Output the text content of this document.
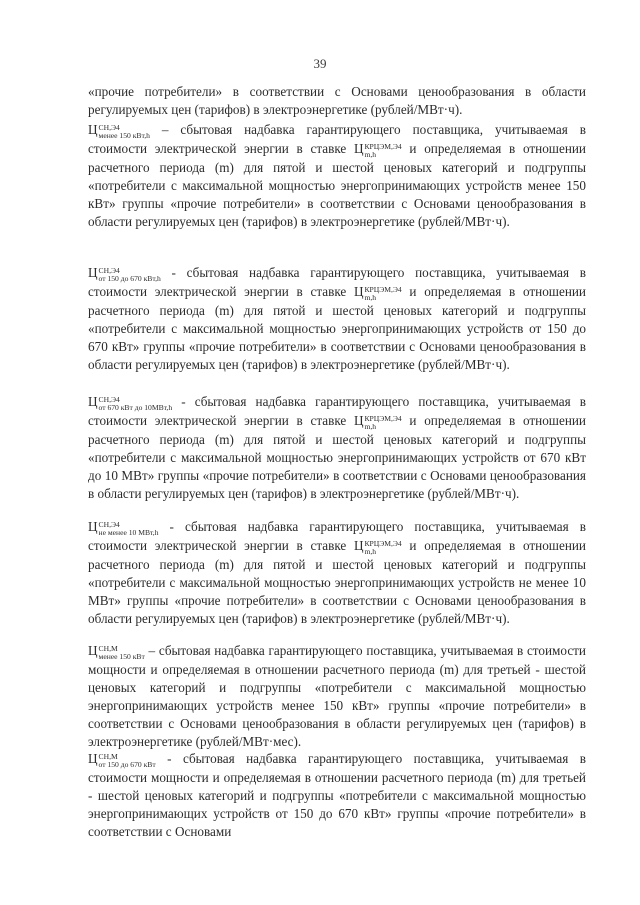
39

«прочие потребители» в соответствии с Основами ценообразования в области регулируемых цен (тарифов) в электроэнергетике (рублей/МВт·ч).

Ц СН,Э4
менее 150 кВт,h – сбытовая надбавка гарантирующего поставщика, учитываемая в стоимости электрической энергии в ставке Ц КРЦЭМ,Э4
m,h	и определяемая в отношении расчетного периода (m) для пятой и шестой ценовых категорий и подгруппы «потребители с максимальной мощностью энергопринимающих устройств менее 150 кВт» группы «прочие потребители» в соответствии с Основами ценообразования в области регулируемых цен (тарифов) в электроэнергетике (рублей/МВт·ч).

Ц СН,Э4
от 150 до 670 кВт,h - сбытовая надбавка гарантирующего поставщика, учитываемая в стоимости электрической энергии в ставке Ц КРЦЭМ,Э4
m,h	и определяемая в отношении расчетного периода (m) для пятой и шестой ценовых категорий и подгруппы «потребители с максимальной мощностью энергопринимающих устройств от 150 до 670 кВт» группы «прочие потребители» в соответствии с Основами ценообразования в области регулируемых цен (тарифов) в электроэнергетике (рублей/МВт·ч).

Ц СН,Э4
от 670 кВт до 10МВт,h - сбытовая надбавка гарантирующего поставщика, учитываемая в стоимости электрической энергии в ставке Ц КРЦЭМ,Э4
m,h	и определяемая в отношении расчетного периода (m) для пятой и шестой ценовых категорий и подгруппы «потребители с максимальной мощностью энергопринимающих устройств от 670 кВт до 10 МВт» группы «прочие потребители» в соответствии с Основами ценообразования в области регулируемых цен (тарифов) в электроэнергетике (рублей/МВт·ч).

Ц СН,Э4
не менее 10 МВт,h - сбытовая надбавка гарантирующего поставщика, учитываемая в стоимости электрической энергии в ставке Ц КРЦЭМ,Э4
m,h	и определяемая в отношении расчетного периода (m) для пятой и шестой ценовых категорий и подгруппы «потребители с максимальной мощностью энергопринимающих устройств не менее 10 МВт» группы «прочие потребители» в соответствии с Основами ценообразования в области регулируемых цен (тарифов) в электроэнергетике (рублей/МВт·ч).

Ц СН,М
менее 150 кВт – сбытовая надбавка гарантирующего поставщика, учитываемая в стоимости мощности и определяемая в отношении расчетного периода (m) для третьей - шестой ценовых категорий и подгруппы «потребители с максимальной мощностью энергопринимающих устройств менее 150 кВт» группы «прочие потребители» в соответствии с Основами ценообразования в области регулируемых цен (тарифов) в электроэнергетике (рублей/МВт·мес).

Ц СН,М
от 150 до 670 кВт - сбытовая надбавка гарантирующего поставщика, учитываемая в стоимости мощности и определяемая в отношении расчетного периода (m) для третьей - шестой ценовых категорий и подгруппы «потребители с максимальной мощностью энергопринимающих устройств от 150 до 670 кВт» группы «прочие потребители» в соответствии с Основами
